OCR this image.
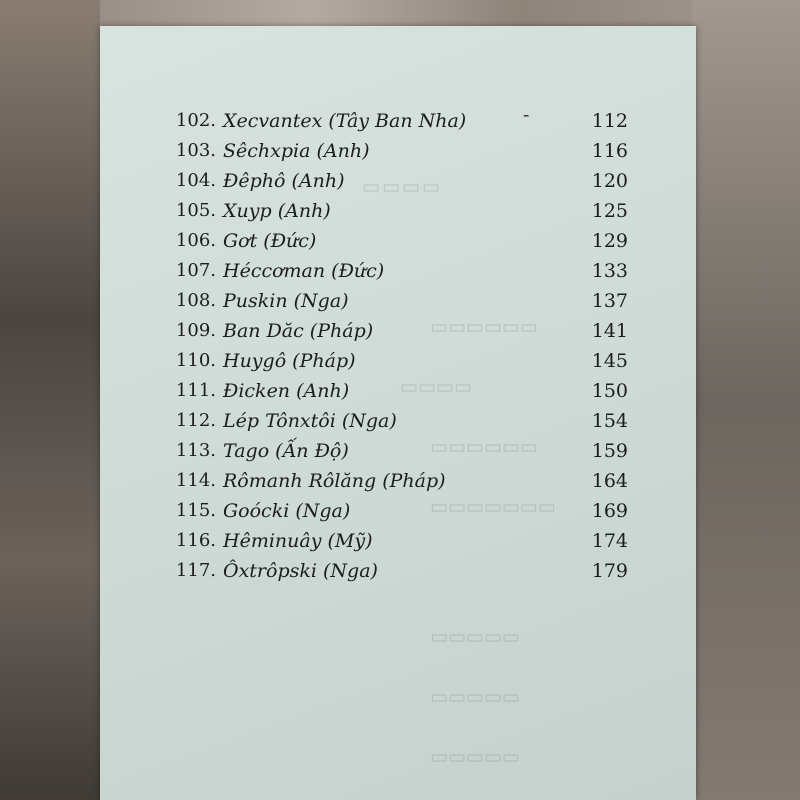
▭▭▭▭
▭▭▭▭▭▭
▭▭▭▭
▭▭▭▭▭▭
▭▭▭▭▭▭▭
▭▭▭▭▭
▭▭▭▭▭
▭▭▭▭▭
102. Xecvantex (Tây Ban Nha)	-	112
103. Sêchxpia (Anh)	116
104. Đêphô (Anh)	120
105. Xuyp (Anh)	125
106. Gơt (Đức)	129
107. Héccơman (Đức)	133
108. Puskin (Nga)	137
109. Ban Dăc (Pháp)	141
110. Huygô (Pháp)	145
111. Đicken (Anh)	150
112. Lép Tônxtôi (Nga)	154
113. Tago (Ấn Độ)	159
114. Rômanh Rôlăng (Pháp)	164
115. Goócki (Nga)	169
116. Hêminuây (Mỹ)	174
117. Ôxtrôpski (Nga)	179
